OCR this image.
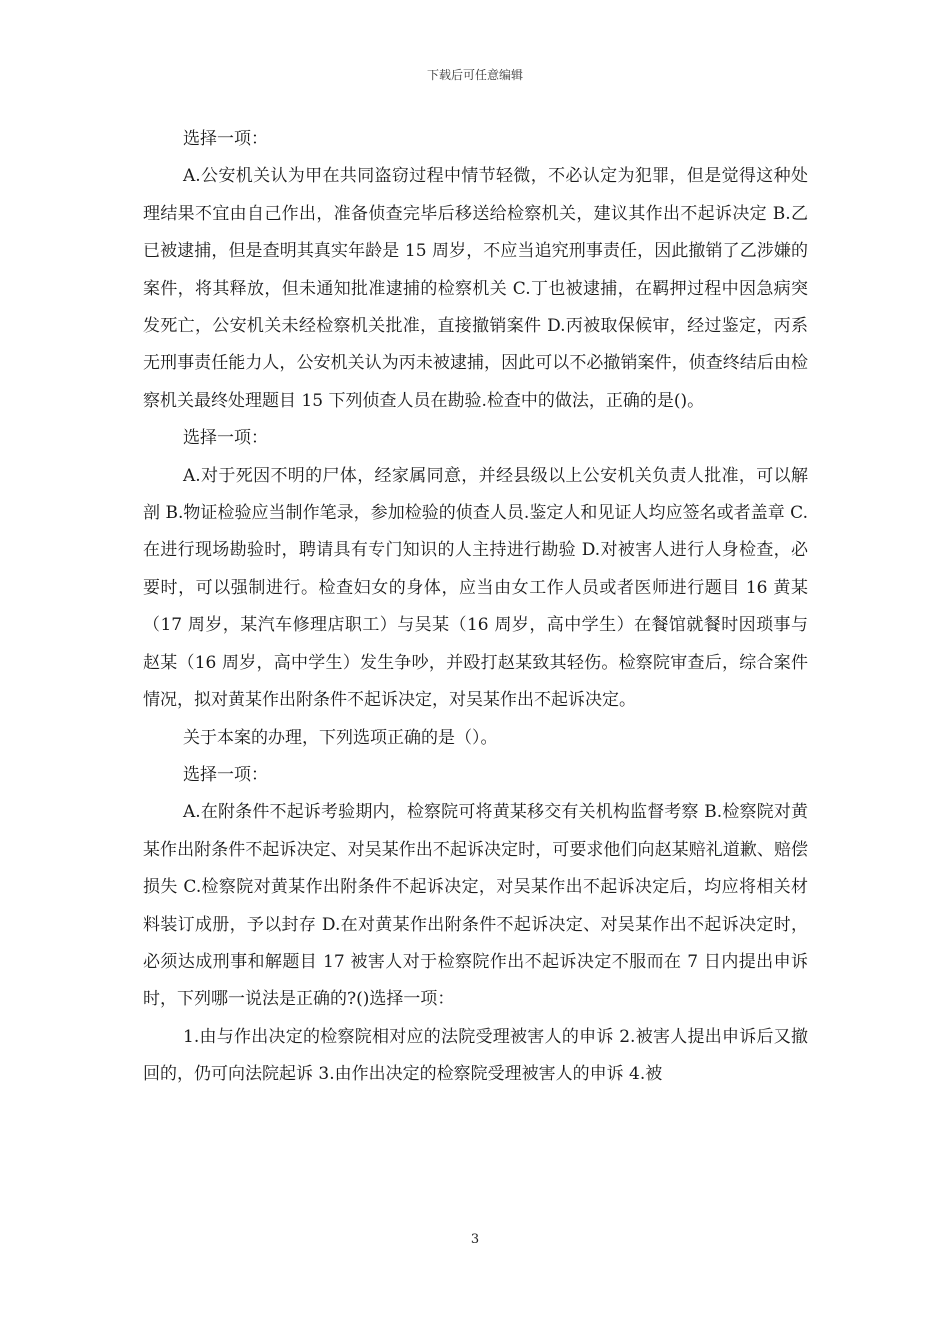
下载后可任意编辑

选择一项：

A.公安机关认为甲在共同盗窃过程中情节轻微，不必认定为犯罪，但是觉得这种处理结果不宜由自己作出，准备侦查完毕后移送给检察机关，建议其作出不起诉决定 B.乙已被逮捕，但是查明其真实年龄是 15 周岁，不应当追究刑事责任，因此撤销了乙涉嫌的案件，将其释放，但未通知批准逮捕的检察机关 C.丁也被逮捕，在羁押过程中因急病突发死亡，公安机关未经检察机关批准，直接撤销案件 D.丙被取保候审，经过鉴定，丙系无刑事责任能力人，公安机关认为丙未被逮捕，因此可以不必撤销案件，侦查终结后由检察机关最终处理题目 15 下列侦查人员在勘验.检查中的做法，正确的是()。

选择一项：

A.对于死因不明的尸体，经家属同意，并经县级以上公安机关负责人批准，可以解剖 B.物证检验应当制作笔录，参加检验的侦查人员.鉴定人和见证人均应签名或者盖章 C.在进行现场勘验时，聘请具有专门知识的人主持进行勘验 D.对被害人进行人身检查，必要时，可以强制进行。检查妇女的身体，应当由女工作人员或者医师进行题目 16 黄某（17 周岁，某汽车修理店职工）与吴某（16 周岁，高中学生）在餐馆就餐时因琐事与赵某（16 周岁，高中学生）发生争吵，并殴打赵某致其轻伤。检察院审查后，综合案件情况，拟对黄某作出附条件不起诉决定，对吴某作出不起诉决定。

关于本案的办理，下列选项正确的是（）。

选择一项：

A.在附条件不起诉考验期内，检察院可将黄某移交有关机构监督考察 B.检察院对黄某作出附条件不起诉决定、对吴某作出不起诉决定时，可要求他们向赵某赔礼道歉、赔偿损失 C.检察院对黄某作出附条件不起诉决定，对吴某作出不起诉决定后，均应将相关材料装订成册，予以封存 D.在对黄某作出附条件不起诉决定、对吴某作出不起诉决定时，必须达成刑事和解题目 17 被害人对于检察院作出不起诉决定不服而在 7 日内提出申诉时，下列哪一说法是正确的?()选择一项：

1.由与作出决定的检察院相对应的法院受理被害人的申诉 2.被害人提出申诉后又撤回的，仍可向法院起诉 3.由作出决定的检察院受理被害人的申诉 4.被

3
